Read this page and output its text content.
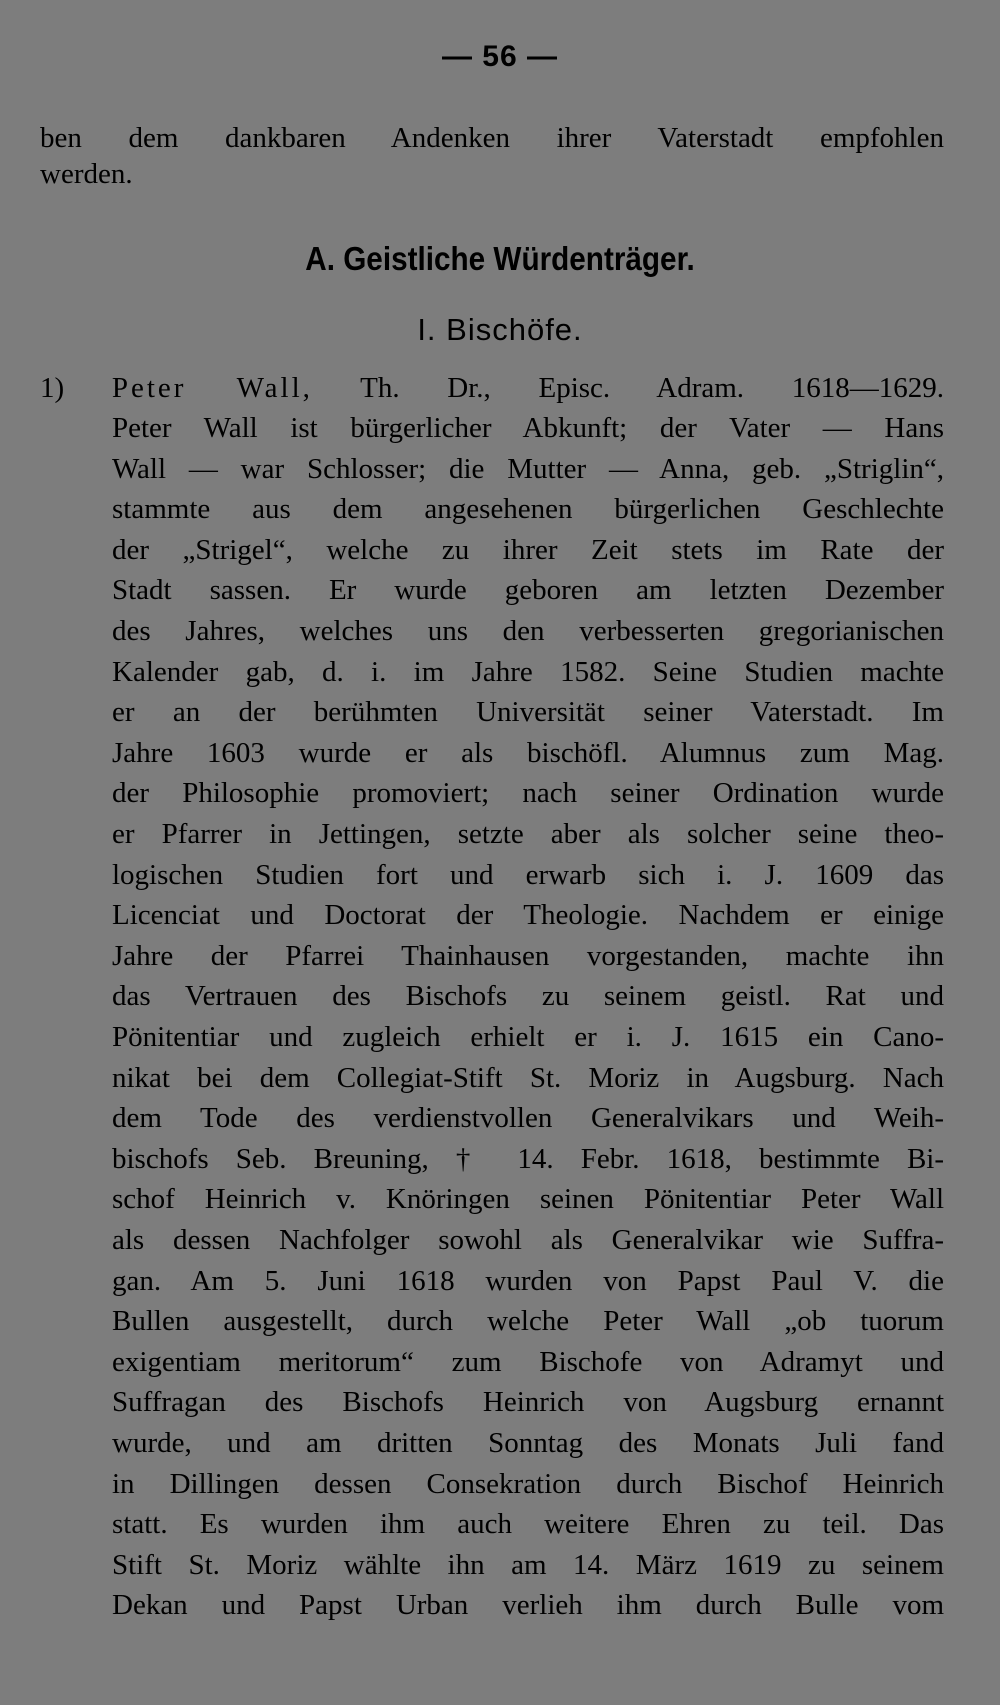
— 56 —
ben dem dankbaren Andenken ihrer Vaterstadt empfohlen
werden.
A. Geistliche Würdenträger.
I. Bischöfe.
1) Peter Wall, Th. Dr., Episc. Adram. 1618—1629.
Peter Wall ist bürgerlicher Abkunft; der Vater — Hans
Wall — war Schlosser; die Mutter — Anna, geb. „Striglin“,
stammte aus dem angesehenen bürgerlichen Geschlechte
der „Strigel“, welche zu ihrer Zeit stets im Rate der
Stadt sassen. Er wurde geboren am letzten Dezember
des Jahres, welches uns den verbesserten gregorianischen
Kalender gab, d. i. im Jahre 1582. Seine Studien machte
er an der berühmten Universität seiner Vaterstadt. Im
Jahre 1603 wurde er als bischöfl. Alumnus zum Mag.
der Philosophie promoviert; nach seiner Ordination wurde
er Pfarrer in Jettingen, setzte aber als solcher seine theo-
logischen Studien fort und erwarb sich i. J. 1609 das
Licenciat und Doctorat der Theologie. Nachdem er einige
Jahre der Pfarrei Thainhausen vorgestanden, machte ihn
das Vertrauen des Bischofs zu seinem geistl. Rat und
Pönitentiar und zugleich erhielt er i. J. 1615 ein Cano-
nikat bei dem Collegiat-Stift St. Moriz in Augsburg. Nach
dem Tode des verdienstvollen Generalvikars und Weih-
bischofs Seb. Breuning, † 14. Febr. 1618, bestimmte Bi-
schof Heinrich v. Knöringen seinen Pönitentiar Peter Wall
als dessen Nachfolger sowohl als Generalvikar wie Suffra-
gan. Am 5. Juni 1618 wurden von Papst Paul V. die
Bullen ausgestellt, durch welche Peter Wall „ob tuorum
exigentiam meritorum“ zum Bischofe von Adramyt und
Suffragan des Bischofs Heinrich von Augsburg ernannt
wurde, und am dritten Sonntag des Monats Juli fand
in Dillingen dessen Consekration durch Bischof Heinrich
statt. Es wurden ihm auch weitere Ehren zu teil. Das
Stift St. Moriz wählte ihn am 14. März 1619 zu seinem
Dekan und Papst Urban verlieh ihm durch Bulle vom
